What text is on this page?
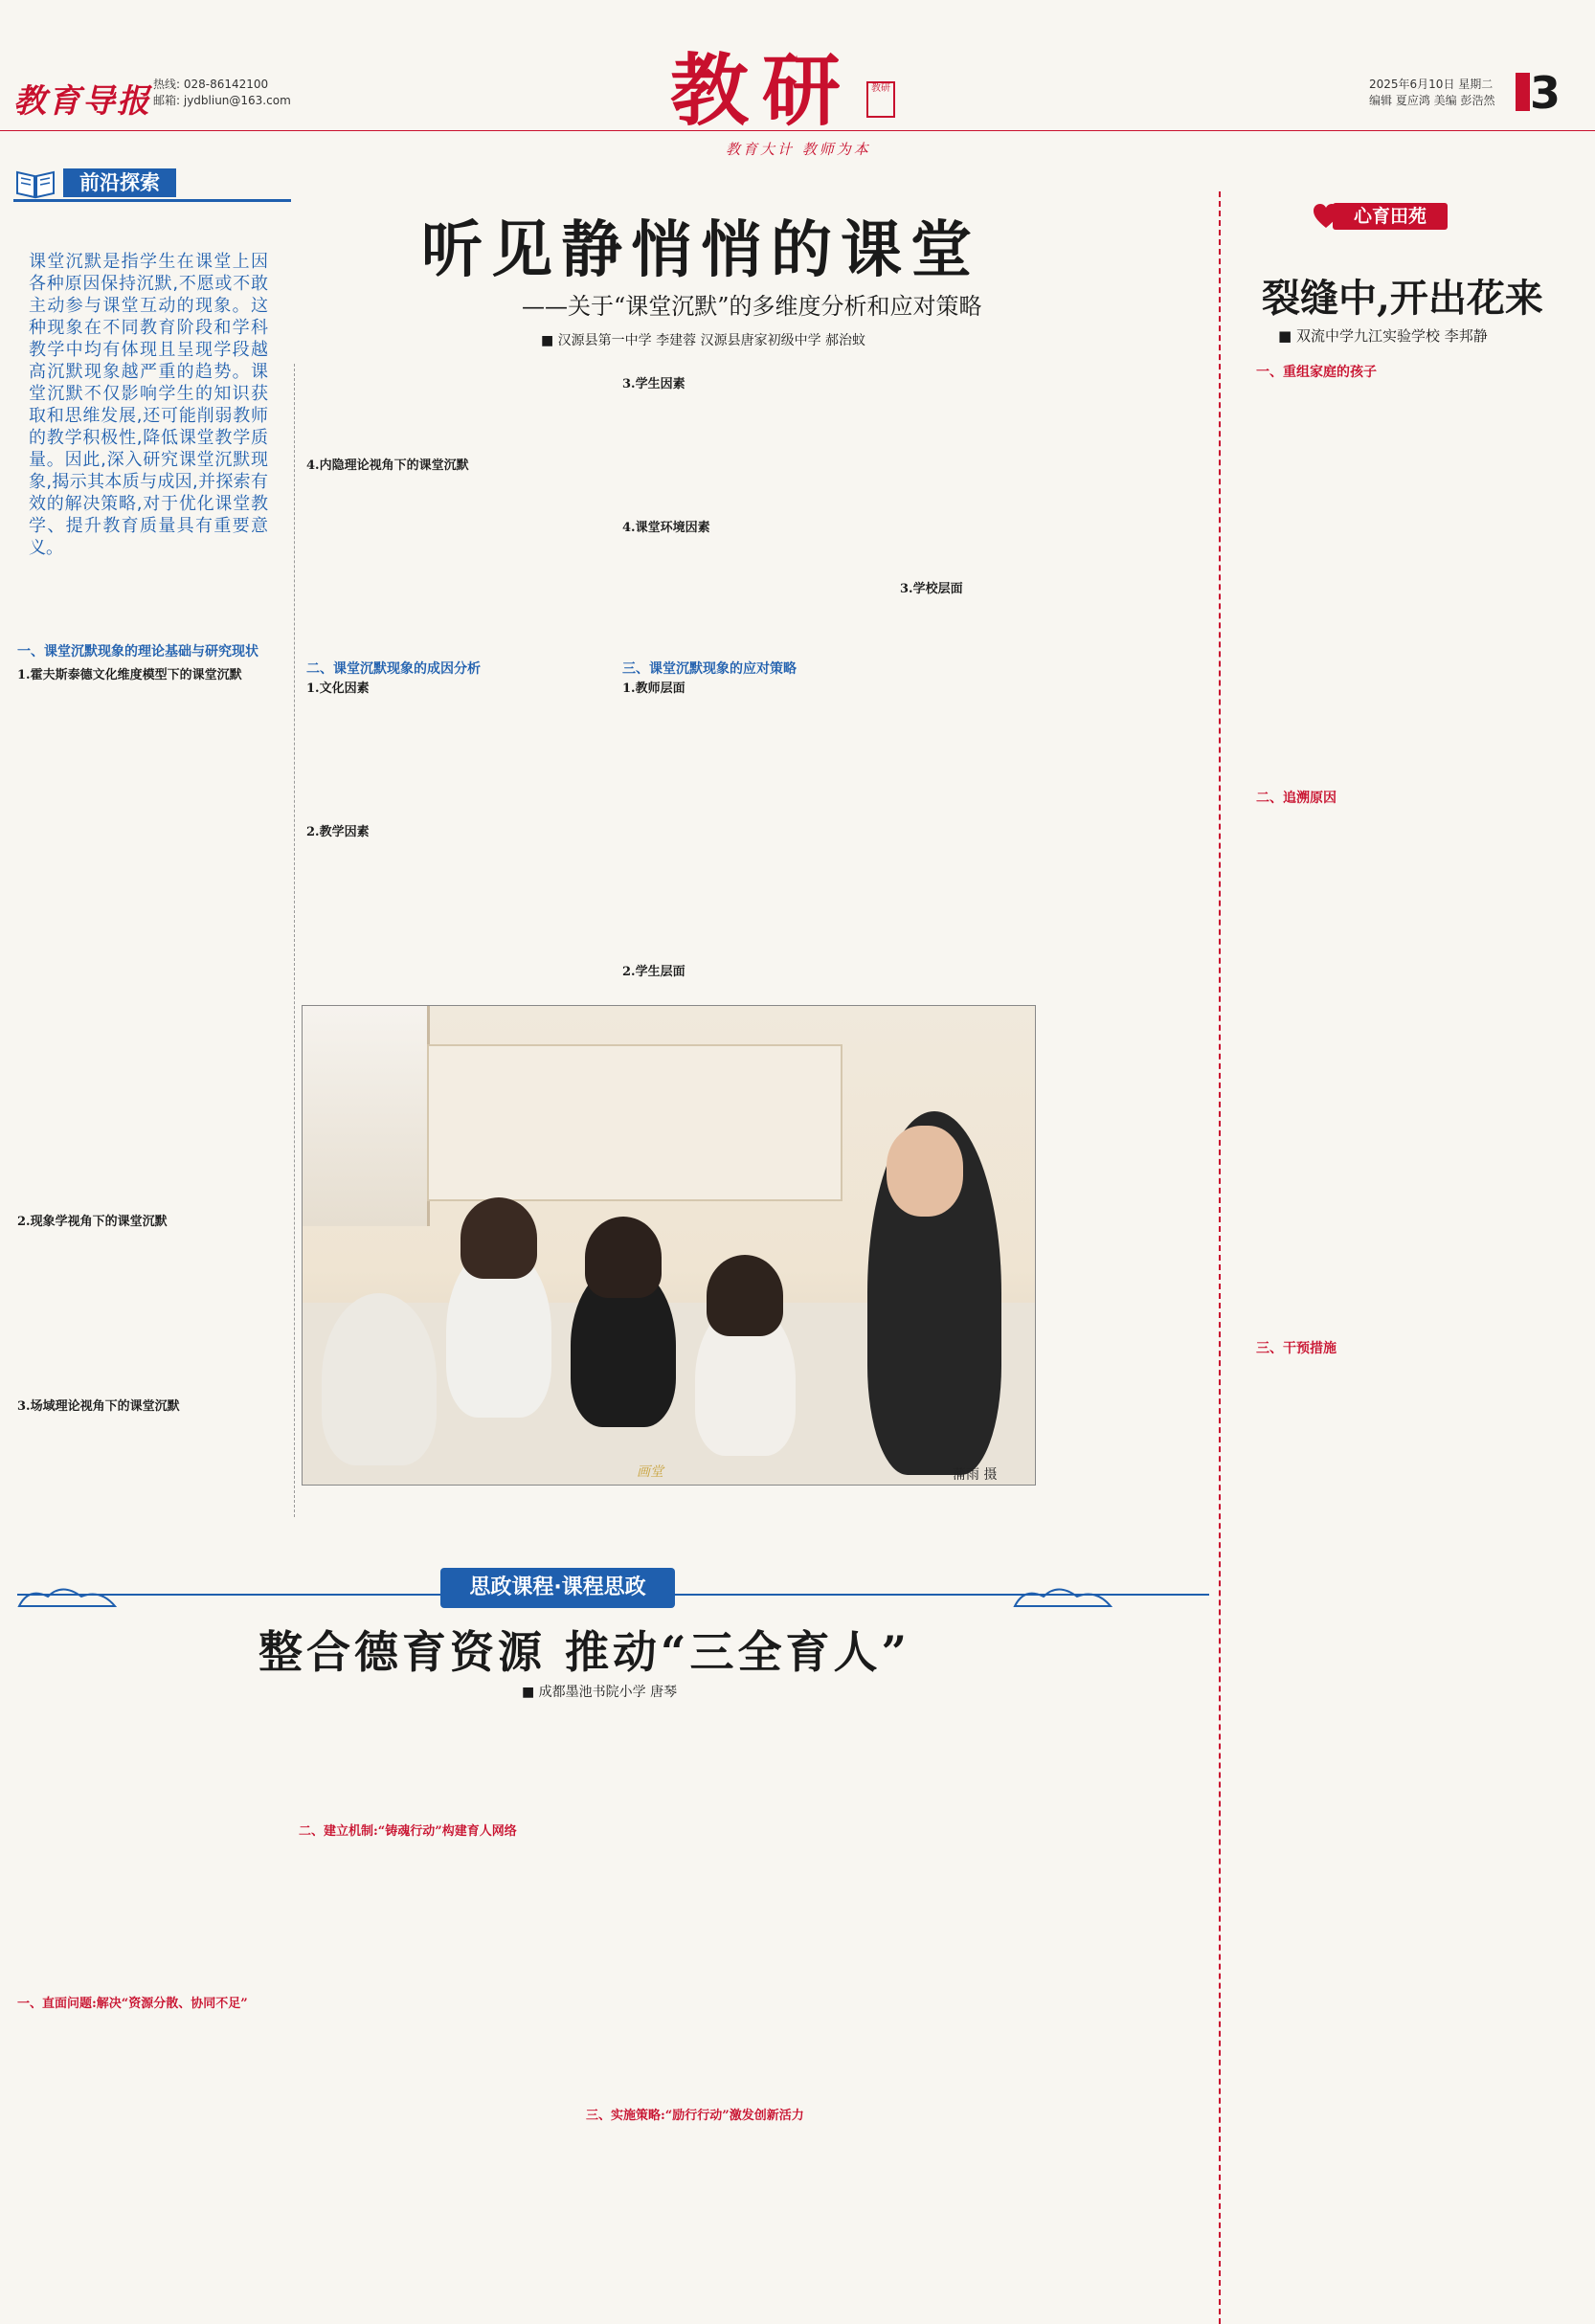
教育导报 热线: 028-86142100
邮箱: jydbliun@163.com	教研	教研
教育大计 教师为本
2025年6月10日 星期二
编辑 夏应鸿 美编 彭浩然 3
前沿探索
课堂沉默是指学生在课堂上因各种原因保持沉默,不愿或不敢主动参与课堂互动的现象。这种现象在不同教育阶段和学科教学中均有体现且呈现学段越高沉默现象越严重的趋势。课堂沉默不仅影响学生的知识获取和思维发展,还可能削弱教师的教学积极性,降低课堂教学质量。因此,深入研究课堂沉默现象,揭示其本质与成因,并探索有效的解决策略,对于优化课堂教学、提升教育质量具有重要意义。
一、课堂沉默现象的理论基础与研究现状
1.霍夫斯泰德文化维度模型下的课堂沉默
2.现象学视角下的课堂沉默
3.场域理论视角下的课堂沉默
听见静悄悄的课堂
——关于“课堂沉默”的多维度分析和应对策略
■ 汉源县第一中学 李建蓉 汉源县唐家初级中学 郝治蚊
4.内隐理论视角下的课堂沉默
二、课堂沉默现象的成因分析
1.文化因素
2.教学因素
3.学生因素
4.课堂环境因素
三、课堂沉默现象的应对策略
1.教师层面
2.学生层面
3.学校层面
画堂	蒲雨 摄
心育田苑
裂缝中,开出花来
■ 双流中学九江实验学校 李邦静
一、重组家庭的孩子
二、追溯原因
三、干预措施
思政课程·课程思政
整合德育资源 推动“三全育人”
■ 成都墨池书院小学 唐琴
一、直面问题:解决“资源分散、协同不足”
二、建立机制:“铸魂行动”构建育人网络
三、实施策略:“励行行动”激发创新活力
